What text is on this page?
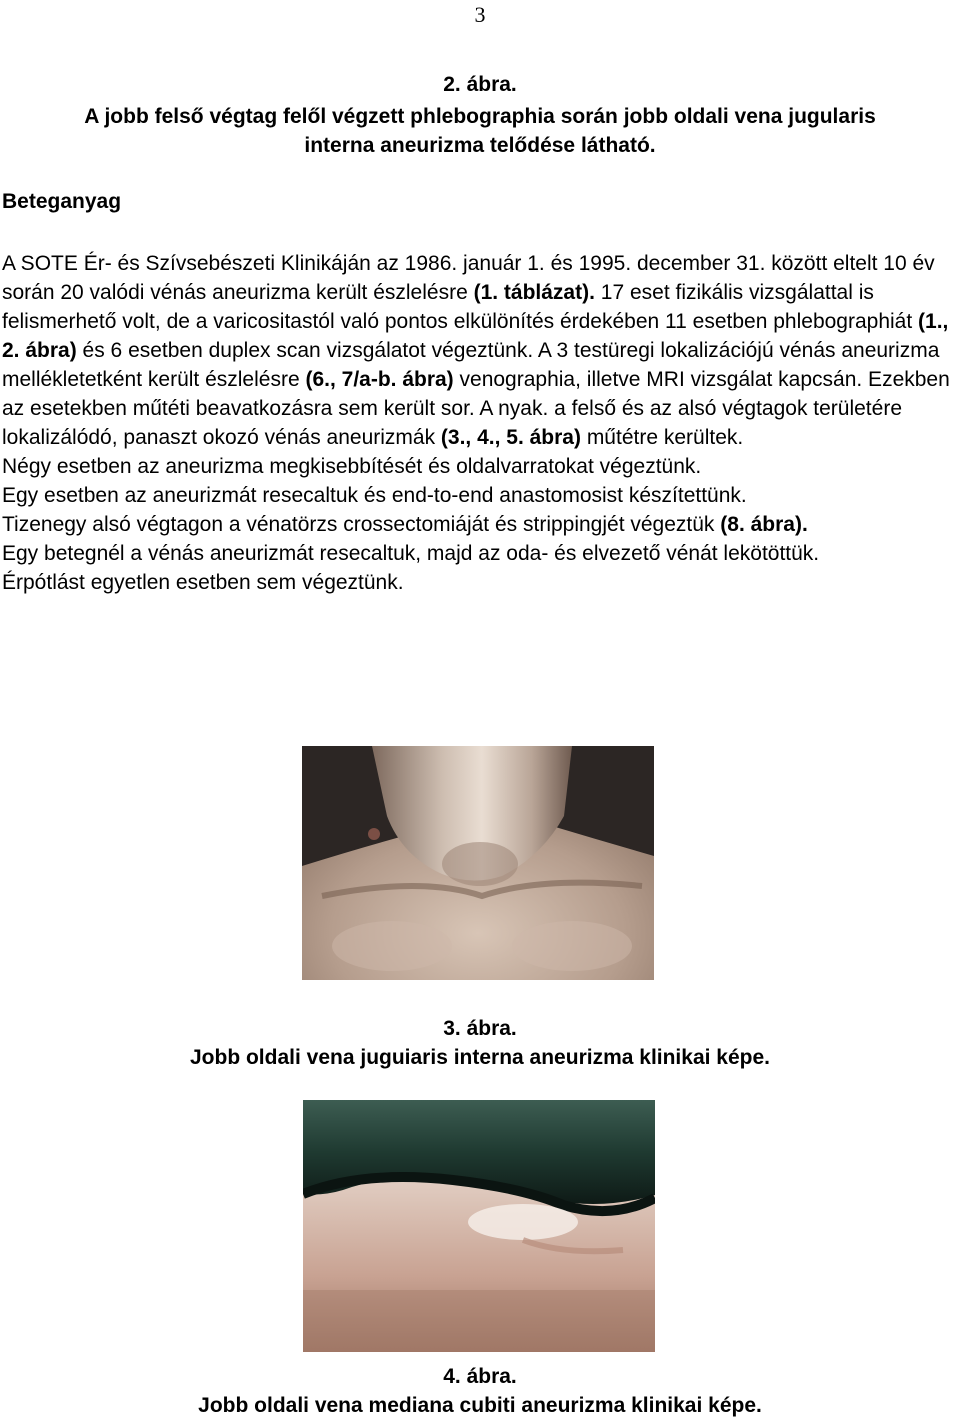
3
2. ábra.
A jobb felső végtag felől végzett phlebographia során jobb oldali vena jugularis
interna aneurizma telődése látható.
Beteganyag

A SOTE Ér- és Szívsebészeti Klinikáján az 1986. január 1. és 1995. december 31. között eltelt 10 év során 20 valódi vénás aneurizma került észlelésre (1. táblázat). 17 eset fizikális vizsgálattal is felismerhető volt, de a varicositastól való pontos elkülönítés érdekében 11 esetben phlebographiát (1., 2. ábra) és 6 esetben duplex scan vizsgálatot végeztünk. A 3 testüregi lokalizációjú vénás aneurizma mellékletetként került észlelésre (6., 7/a-b. ábra) venographia, illetve MRI vizsgálat kapcsán. Ezekben az esetekben műtéti beavatkozásra sem került sor. A nyak. a felső és az alsó végtagok területére lokalizálódó, panaszt okozó vénás aneurizmák (3., 4., 5. ábra) műtétre kerültek.

Négy esetben az aneurizma megkisebbítését és oldalvarratokat végeztünk.

Egy esetben az aneurizmát resecaltuk és end-to-end anastomosist készítettünk.

Tizenegy alsó végtagon a vénatörzs crossectomiáját és strippingjét végeztük (8. ábra).

Egy betegnél a vénás aneurizmát resecaltuk, majd az oda- és elvezető vénát lekötöttük.

Érpótlást egyetlen esetben sem végeztünk.

3. ábra.
Jobb oldali vena juguiaris interna aneurizma klinikai képe.
4. ábra.
Jobb oldali vena mediana cubiti aneurizma klinikai képe.
